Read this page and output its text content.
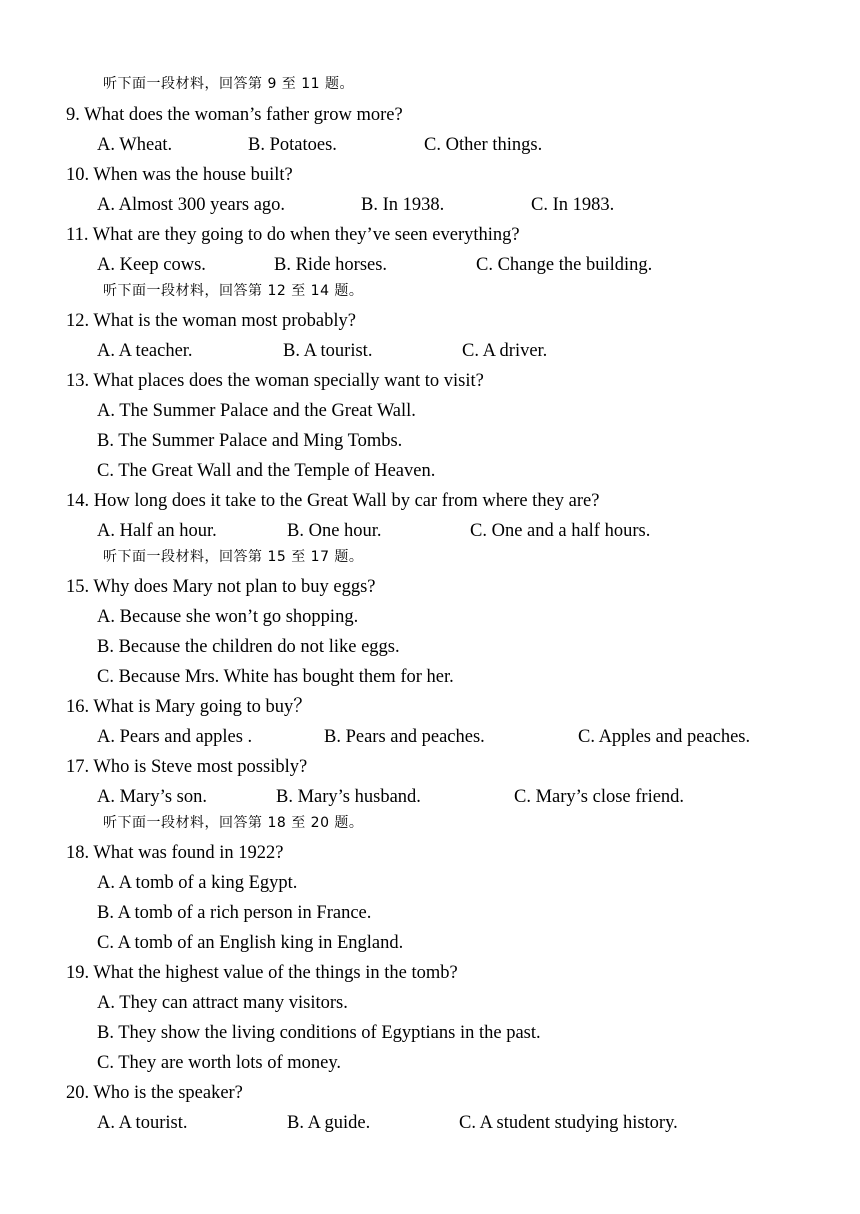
听下面一段材料，回答第 9 至 11 题。
9. What does the woman’s father grow more?
A. Wheat.	B. Potatoes.	C. Other things.
10. When was the house built?
A. Almost 300 years ago.	B. In 1938.	C. In 1983.
11. What are they going to do when they’ve seen everything?
A. Keep cows.	B. Ride horses.	C. Change the building.
听下面一段材料，回答第 12 至 14 题。
12. What is the woman most probably?
A. A teacher.	B. A tourist.	C. A driver.
13. What places does the woman specially want to visit?
A. The Summer Palace and the Great Wall.
B. The Summer Palace and Ming Tombs.
C. The Great Wall and the Temple of Heaven.
14. How long does it take to the Great Wall by car from where they are?
A. Half an hour.	B. One hour.	C. One and a half hours.
听下面一段材料，回答第 15 至 17 题。
15. Why does Mary not plan to buy eggs?
A. Because she won’t go shopping.
B. Because the children do not like eggs.
C. Because Mrs. White has bought them for her.
16. What is Mary going to buy？
A. Pears and apples .	B. Pears and peaches.	C. Apples and peaches.
17. Who is Steve most possibly?
A. Mary’s son.	B. Mary’s husband.	C. Mary’s close friend.
听下面一段材料，回答第 18 至 20 题。
18. What was found in 1922?
A. A tomb of a king Egypt.
B. A tomb of a rich person in France.
C. A tomb of an English king in England.
19. What the highest value of the things in the tomb?
A. They can attract many visitors.
B. They show the living conditions of Egyptians in the past.
C. They are worth lots of money.
20. Who is the speaker?
A. A tourist.	B. A guide.	C. A student studying history.
